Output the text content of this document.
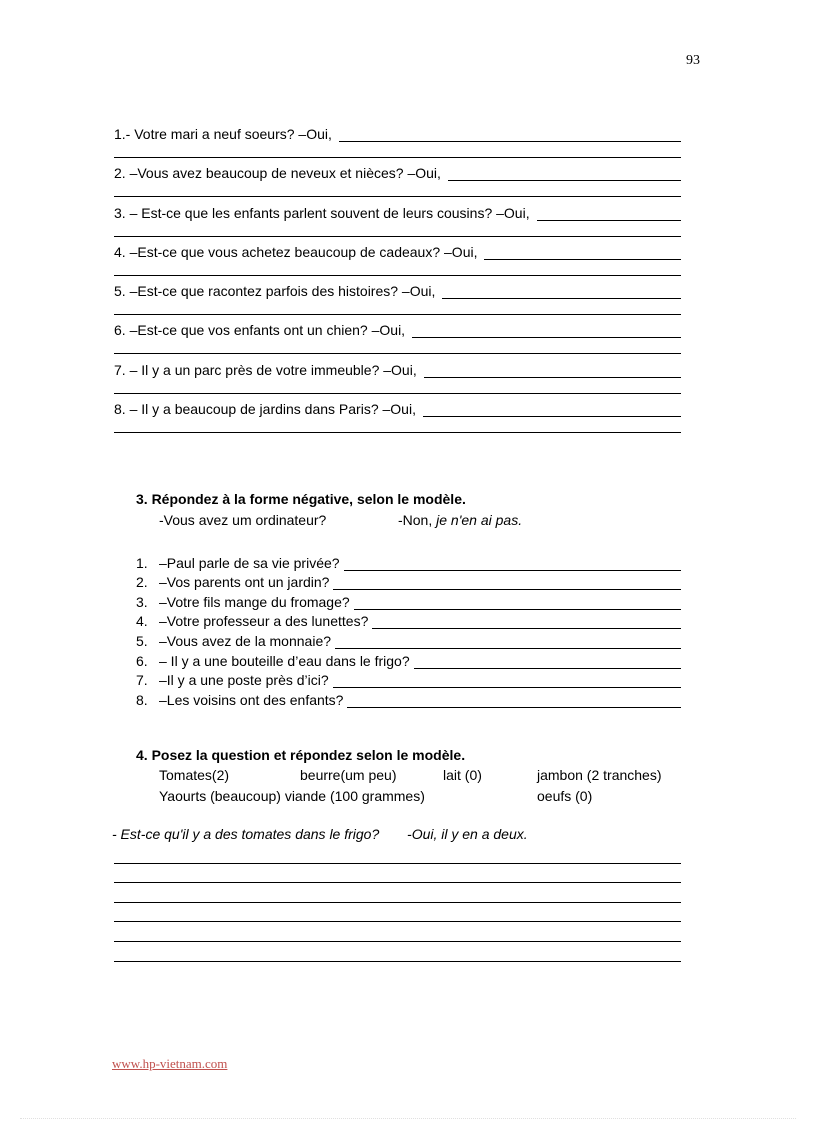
93
1.- Votre mari a neuf soeurs? –Oui,
2. –Vous avez beaucoup de neveux et nièces? –Oui,
3. – Est-ce que les enfants parlent souvent de leurs cousins? –Oui,
4. –Est-ce que vous achetez beaucoup de cadeaux? –Oui,
5. –Est-ce que racontez parfois des histoires? –Oui,
6. –Est-ce que vos enfants ont un chien? –Oui,
7. – Il y a un parc près de votre immeuble? –Oui,
8. – Il y a beaucoup de jardins dans Paris? –Oui,
3. Répondez à la forme négative, selon le modèle.
-Vous avez um ordinateur?	-Non, je n'en ai pas.
1. –Paul parle de sa vie privée?
2. –Vos parents ont un jardin?
3. –Votre fils mange du fromage?
4. –Votre professeur a des lunettes?
5. –Vous avez de la monnaie?
6. – Il y a une bouteille d’eau dans le frigo?
7. –Il y a une poste près d’ici?
8. –Les voisins ont des enfants?
4. Posez la question et répondez selon le modèle.
Tomates(2)	beurre(um peu)	lait (0)	jambon (2 tranches)
Yaourts (beaucoup) viande (100 grammes)	oeufs (0)
- Est-ce qu'il y a des tomates dans le frigo? -Oui, il y en a deux.
www.hp-vietnam.com
